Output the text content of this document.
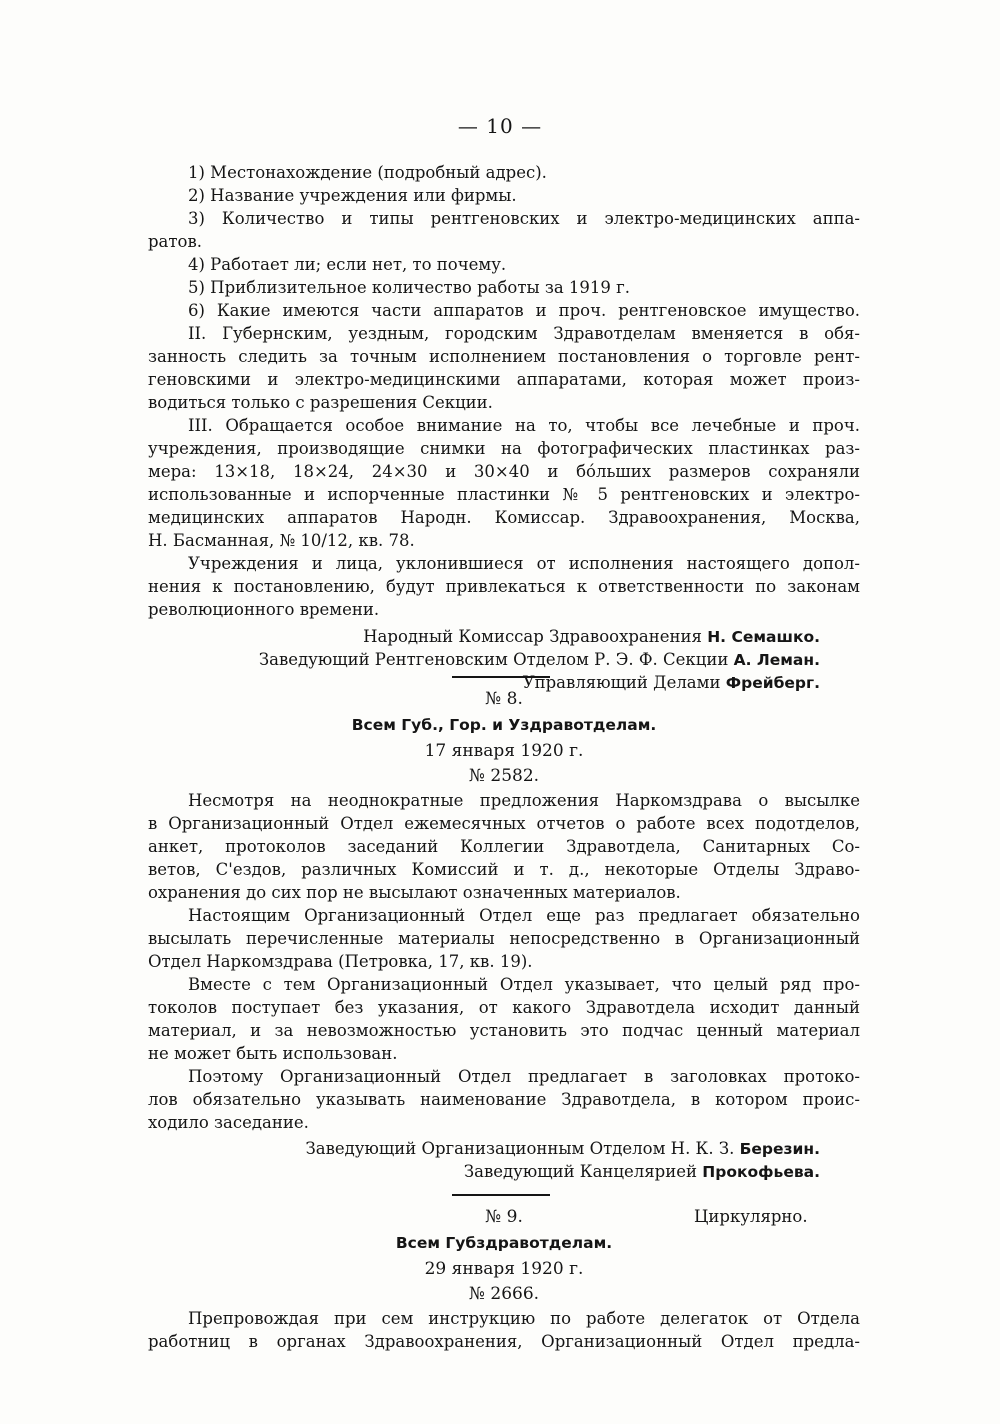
— 10 —
1) Местонахождение (подробный адрес).
2) Название учреждения или фирмы.
3) Количество и типы рентгеновских и электро-медицинских аппа-
ратов.
4) Работает ли; если нет, то почему.
5) Приблизительное количество работы за 1919 г.
6) Какие имеются части аппаратов и проч. рентгеновское имущество.
II. Губернским, уездным, городским Здравотделам вменяется в обя-
занность следить за точным исполнением постановления о торговле рент-
геновскими и электро-медицинскими аппаратами, которая может произ-
водиться только с разрешения Секции.
III. Обращается особое внимание на то, чтобы все лечебные и проч.
учреждения, производящие снимки на фотографических пластинках раз-
мера: 13×18, 18×24, 24×30 и 30×40 и бо́льших размеров сохраняли
использованные и испорченные пластинки № 5 рентгеновских и электро-
медицинских аппаратов Народн. Комиссар. Здравоохранения, Москва,
Н. Басманная, № 10/12, кв. 78.
Учреждения и лица, уклонившиеся от исполнения настоящего допол-
нения к постановлению, будут привлекаться к ответственности по законам
революционного времени.
Народный Комиссар Здравоохранения Н. Семашко.
Заведующий Рентгеновским Отделом Р. Э. Ф. Секции А. Леман.
Управляющий Делами Фрейберг.
№ 8.
Всем Губ., Гор. и Уздравотделам.
17 января 1920 г.
№ 2582.
Несмотря на неоднократные предложения Наркомздрава о высылке
в Организационный Отдел ежемесячных отчетов о работе всех подотделов,
анкет, протоколов заседаний Коллегии Здравотдела, Санитарных Со-
ветов, С'ездов, различных Комиссий и т. д., некоторые Отделы Здраво-
охранения до сих пор не высылают означенных материалов.
Настоящим Организационный Отдел еще раз предлагает обязательно
высылать перечисленные материалы непосредственно в Организационный
Отдел Наркомздрава (Петровка, 17, кв. 19).
Вместе с тем Организационный Отдел указывает, что целый ряд про-
токолов поступает без указания, от какого Здравотдела исходит данный
материал, и за невозможностью установить это подчас ценный материал
не может быть использован.
Поэтому Организационный Отдел предлагает в заголовках протоко-
лов обязательно указывать наименование Здравотдела, в котором проис-
ходило заседание.
Заведующий Организационным Отделом Н. К. З. Березин.
Заведующий Канцелярией Прокофьева.
№ 9.	Циркулярно.
Всем Губздравотделам.
29 января 1920 г.
№ 2666.
Препровождая при сем инструкцию по работе делегаток от Отдела
работниц в органах Здравоохранения, Организационный Отдел предла-
